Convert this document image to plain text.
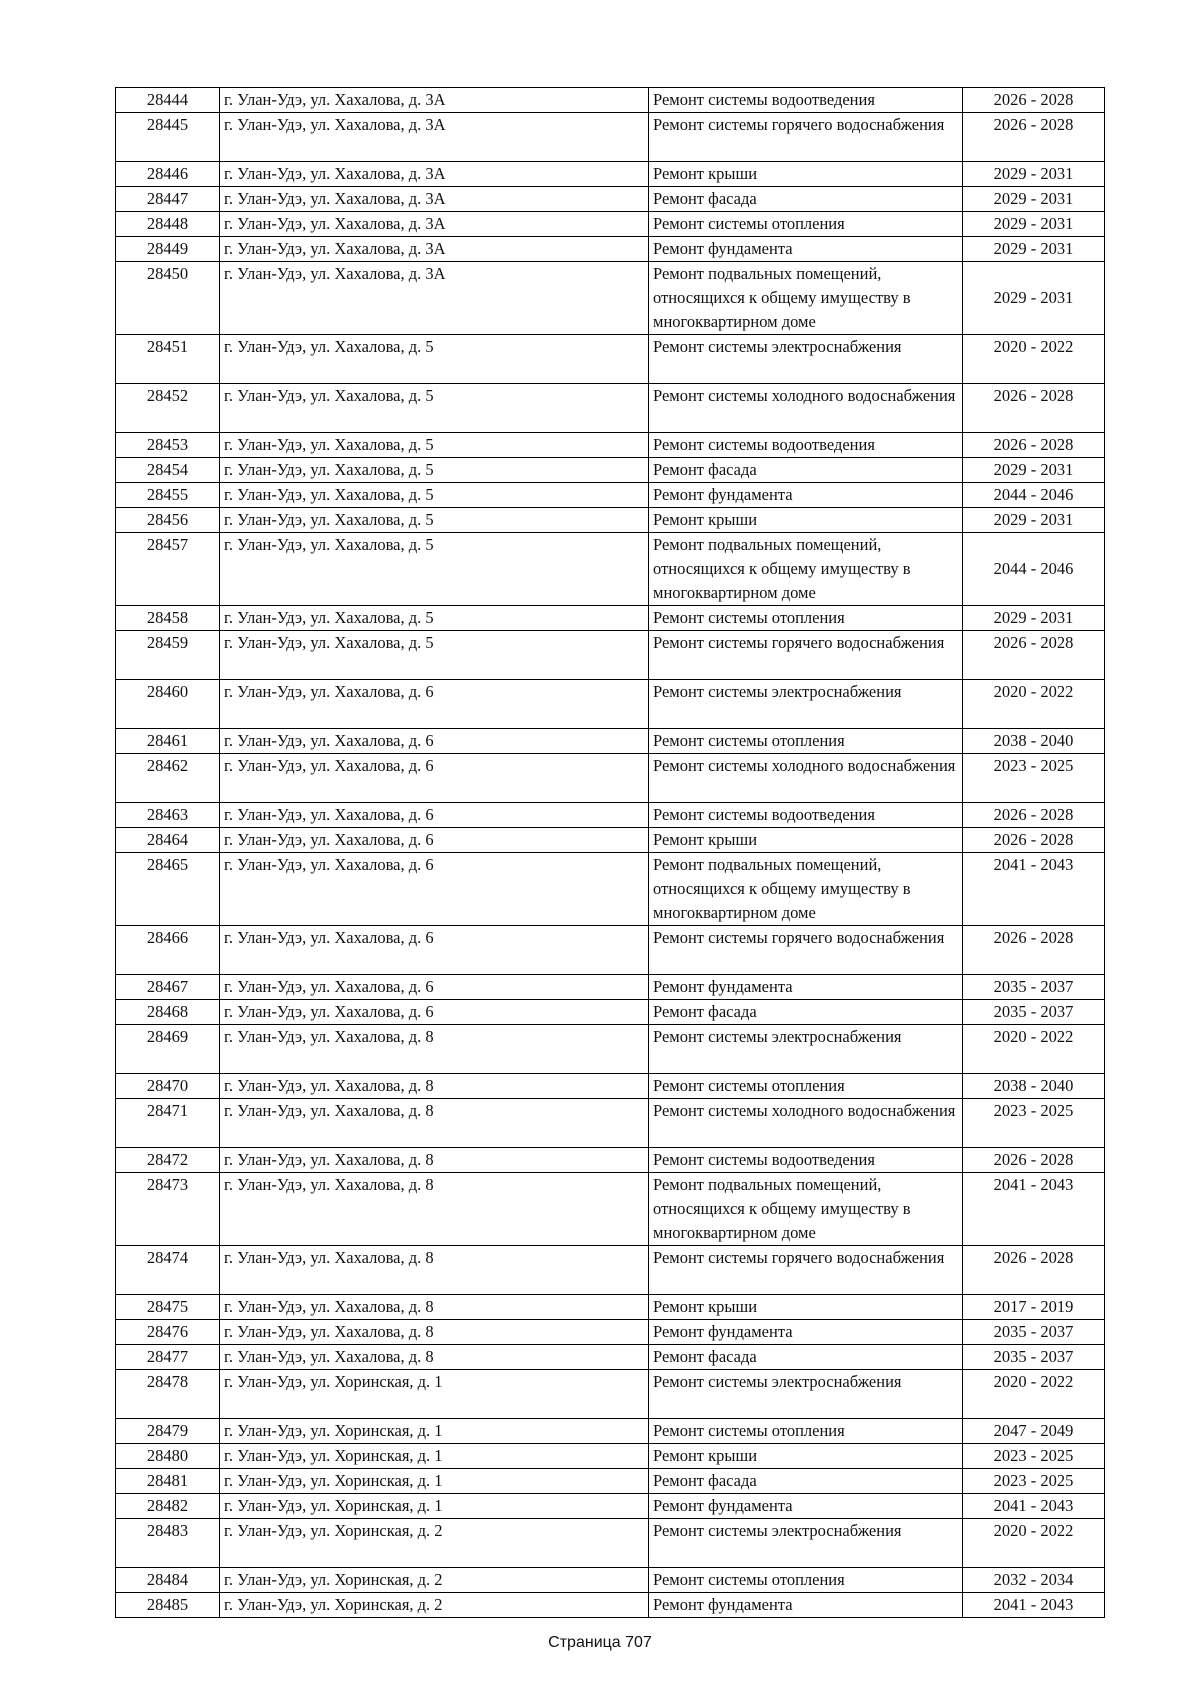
28444	г. Улан-Удэ, ул. Хахалова, д. 3А	Ремонт системы водоотведения	2026 - 2028
28445	г. Улан-Удэ, ул. Хахалова, д. 3А	Ремонт системы горячего водоснабжения	2026 - 2028
28446	г. Улан-Удэ, ул. Хахалова, д. 3А	Ремонт крыши	2029 - 2031
28447	г. Улан-Удэ, ул. Хахалова, д. 3А	Ремонт фасада	2029 - 2031
28448	г. Улан-Удэ, ул. Хахалова, д. 3А	Ремонт системы отопления	2029 - 2031
28449	г. Улан-Удэ, ул. Хахалова, д. 3А	Ремонт фундамента	2029 - 2031
28450	г. Улан-Удэ, ул. Хахалова, д. 3А	Ремонт подвальных помещений, относящихся к общему имуществу в многоквартирном доме	2029 - 2031
28451	г. Улан-Удэ, ул. Хахалова, д. 5	Ремонт системы электроснабжения	2020 - 2022
28452	г. Улан-Удэ, ул. Хахалова, д. 5	Ремонт системы холодного водоснабжения	2026 - 2028
28453	г. Улан-Удэ, ул. Хахалова, д. 5	Ремонт системы водоотведения	2026 - 2028
28454	г. Улан-Удэ, ул. Хахалова, д. 5	Ремонт фасада	2029 - 2031
28455	г. Улан-Удэ, ул. Хахалова, д. 5	Ремонт фундамента	2044 - 2046
28456	г. Улан-Удэ, ул. Хахалова, д. 5	Ремонт крыши	2029 - 2031
28457	г. Улан-Удэ, ул. Хахалова, д. 5	Ремонт подвальных помещений, относящихся к общему имуществу в многоквартирном доме	2044 - 2046
28458	г. Улан-Удэ, ул. Хахалова, д. 5	Ремонт системы отопления	2029 - 2031
28459	г. Улан-Удэ, ул. Хахалова, д. 5	Ремонт системы горячего водоснабжения	2026 - 2028
28460	г. Улан-Удэ, ул. Хахалова, д. 6	Ремонт системы электроснабжения	2020 - 2022
28461	г. Улан-Удэ, ул. Хахалова, д. 6	Ремонт системы отопления	2038 - 2040
28462	г. Улан-Удэ, ул. Хахалова, д. 6	Ремонт системы холодного водоснабжения	2023 - 2025
28463	г. Улан-Удэ, ул. Хахалова, д. 6	Ремонт системы водоотведения	2026 - 2028
28464	г. Улан-Удэ, ул. Хахалова, д. 6	Ремонт крыши	2026 - 2028
28465	г. Улан-Удэ, ул. Хахалова, д. 6	Ремонт подвальных помещений, относящихся к общему имуществу в многоквартирном доме	2041 - 2043
28466	г. Улан-Удэ, ул. Хахалова, д. 6	Ремонт системы горячего водоснабжения	2026 - 2028
28467	г. Улан-Удэ, ул. Хахалова, д. 6	Ремонт фундамента	2035 - 2037
28468	г. Улан-Удэ, ул. Хахалова, д. 6	Ремонт фасада	2035 - 2037
28469	г. Улан-Удэ, ул. Хахалова, д. 8	Ремонт системы электроснабжения	2020 - 2022
28470	г. Улан-Удэ, ул. Хахалова, д. 8	Ремонт системы отопления	2038 - 2040
28471	г. Улан-Удэ, ул. Хахалова, д. 8	Ремонт системы холодного водоснабжения	2023 - 2025
28472	г. Улан-Удэ, ул. Хахалова, д. 8	Ремонт системы водоотведения	2026 - 2028
28473	г. Улан-Удэ, ул. Хахалова, д. 8	Ремонт подвальных помещений, относящихся к общему имуществу в многоквартирном доме	2041 - 2043
28474	г. Улан-Удэ, ул. Хахалова, д. 8	Ремонт системы горячего водоснабжения	2026 - 2028
28475	г. Улан-Удэ, ул. Хахалова, д. 8	Ремонт крыши	2017 - 2019
28476	г. Улан-Удэ, ул. Хахалова, д. 8	Ремонт фундамента	2035 - 2037
28477	г. Улан-Удэ, ул. Хахалова, д. 8	Ремонт фасада	2035 - 2037
28478	г. Улан-Удэ, ул. Хоринская, д. 1	Ремонт системы электроснабжения	2020 - 2022
28479	г. Улан-Удэ, ул. Хоринская, д. 1	Ремонт системы отопления	2047 - 2049
28480	г. Улан-Удэ, ул. Хоринская, д. 1	Ремонт крыши	2023 - 2025
28481	г. Улан-Удэ, ул. Хоринская, д. 1	Ремонт фасада	2023 - 2025
28482	г. Улан-Удэ, ул. Хоринская, д. 1	Ремонт фундамента	2041 - 2043
28483	г. Улан-Удэ, ул. Хоринская, д. 2	Ремонт системы электроснабжения	2020 - 2022
28484	г. Улан-Удэ, ул. Хоринская, д. 2	Ремонт системы отопления	2032 - 2034
28485	г. Улан-Удэ, ул. Хоринская, д. 2	Ремонт фундамента	2041 - 2043
Страница 707
